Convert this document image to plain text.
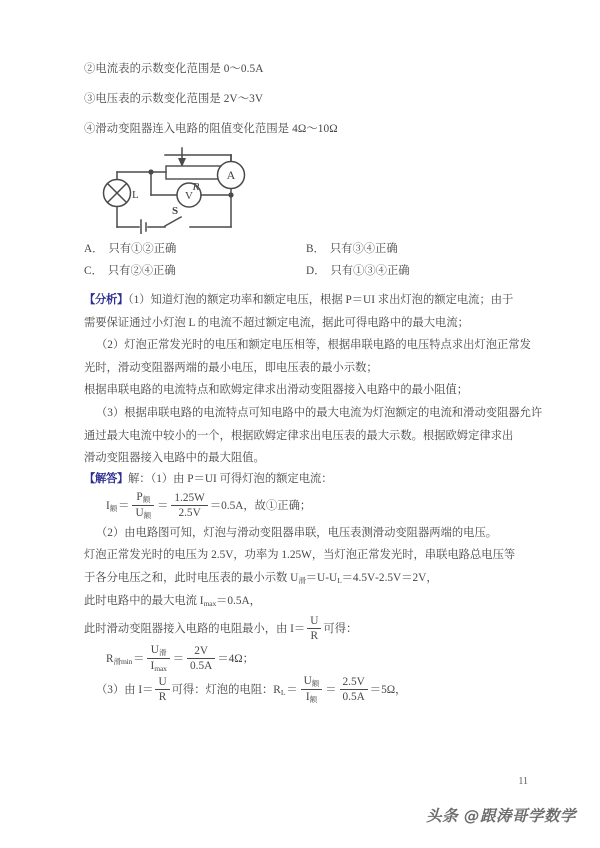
②电流表的示数变化范围是 0～0.5A
③电压表的示数变化范围是 2V～3V
④滑动变阻器连入电路的阻值变化范围是 4Ω～10Ω
R
A
V
L
S
A． 只有①②正确	B． 只有③④正确
C． 只有②④正确	D． 只有①③④正确
【分析】（1）知道灯泡的额定功率和额定电压，根据 P＝UI 求出灯泡的额定电流；由于
需要保证通过小灯泡 L 的电流不超过额定电流，据此可得电路中的最大电流；
（2）灯泡正常发光时的电压和额定电压相等，根据串联电路的电压特点求出灯泡正常发
光时，滑动变阻器两端的最小电压，即电压表的最小示数；
根据串联电路的电流特点和欧姆定律求出滑动变阻器接入电路中的最小阻值；
（3）根据串联电路的电流特点可知电路中的最大电流为灯泡额定的电流和滑动变阻器允许
通过最大电流中较小的一个，根据欧姆定律求出电压表的最大示数。根据欧姆定律求出
滑动变阻器接入电路中的最大阻值。
【解答】解：（1）由 P＝UI 可得灯泡的额定电流：
$I_额= \frac{P_额}{U_额} = \frac{1.25W}{2.5V} =0.5A$，故①正确；
（2）由电路图可知，灯泡与滑动变阻器串联，电压表测滑动变阻器两端的电压。
灯泡正常发光时的电压为 2.5V，功率为 1.25W，当灯泡正常发光时，串联电路总电压等
于各分电压之和，此时电压表的最小示数 $U_滑=U‐U_L=4.5V‐2.5V=2V$，
此时电路中的最大电流 $I_{max}=0.5A$，
此时滑动变阻器接入电路的电阻最小，由 $I= \frac{U}{R}$ 可得：
$R_{滑min}= \frac{U_滑}{I_{max}} = \frac{2V}{0.5A} =4\Omega$；
（3）由 $I= \frac{U}{R}$ 可得：灯泡的电阻：$R_L= \frac{U_额}{I_额} = \frac{2.5V}{0.5A} =5\Omega$，
11
头条 @跟涛哥学数学
